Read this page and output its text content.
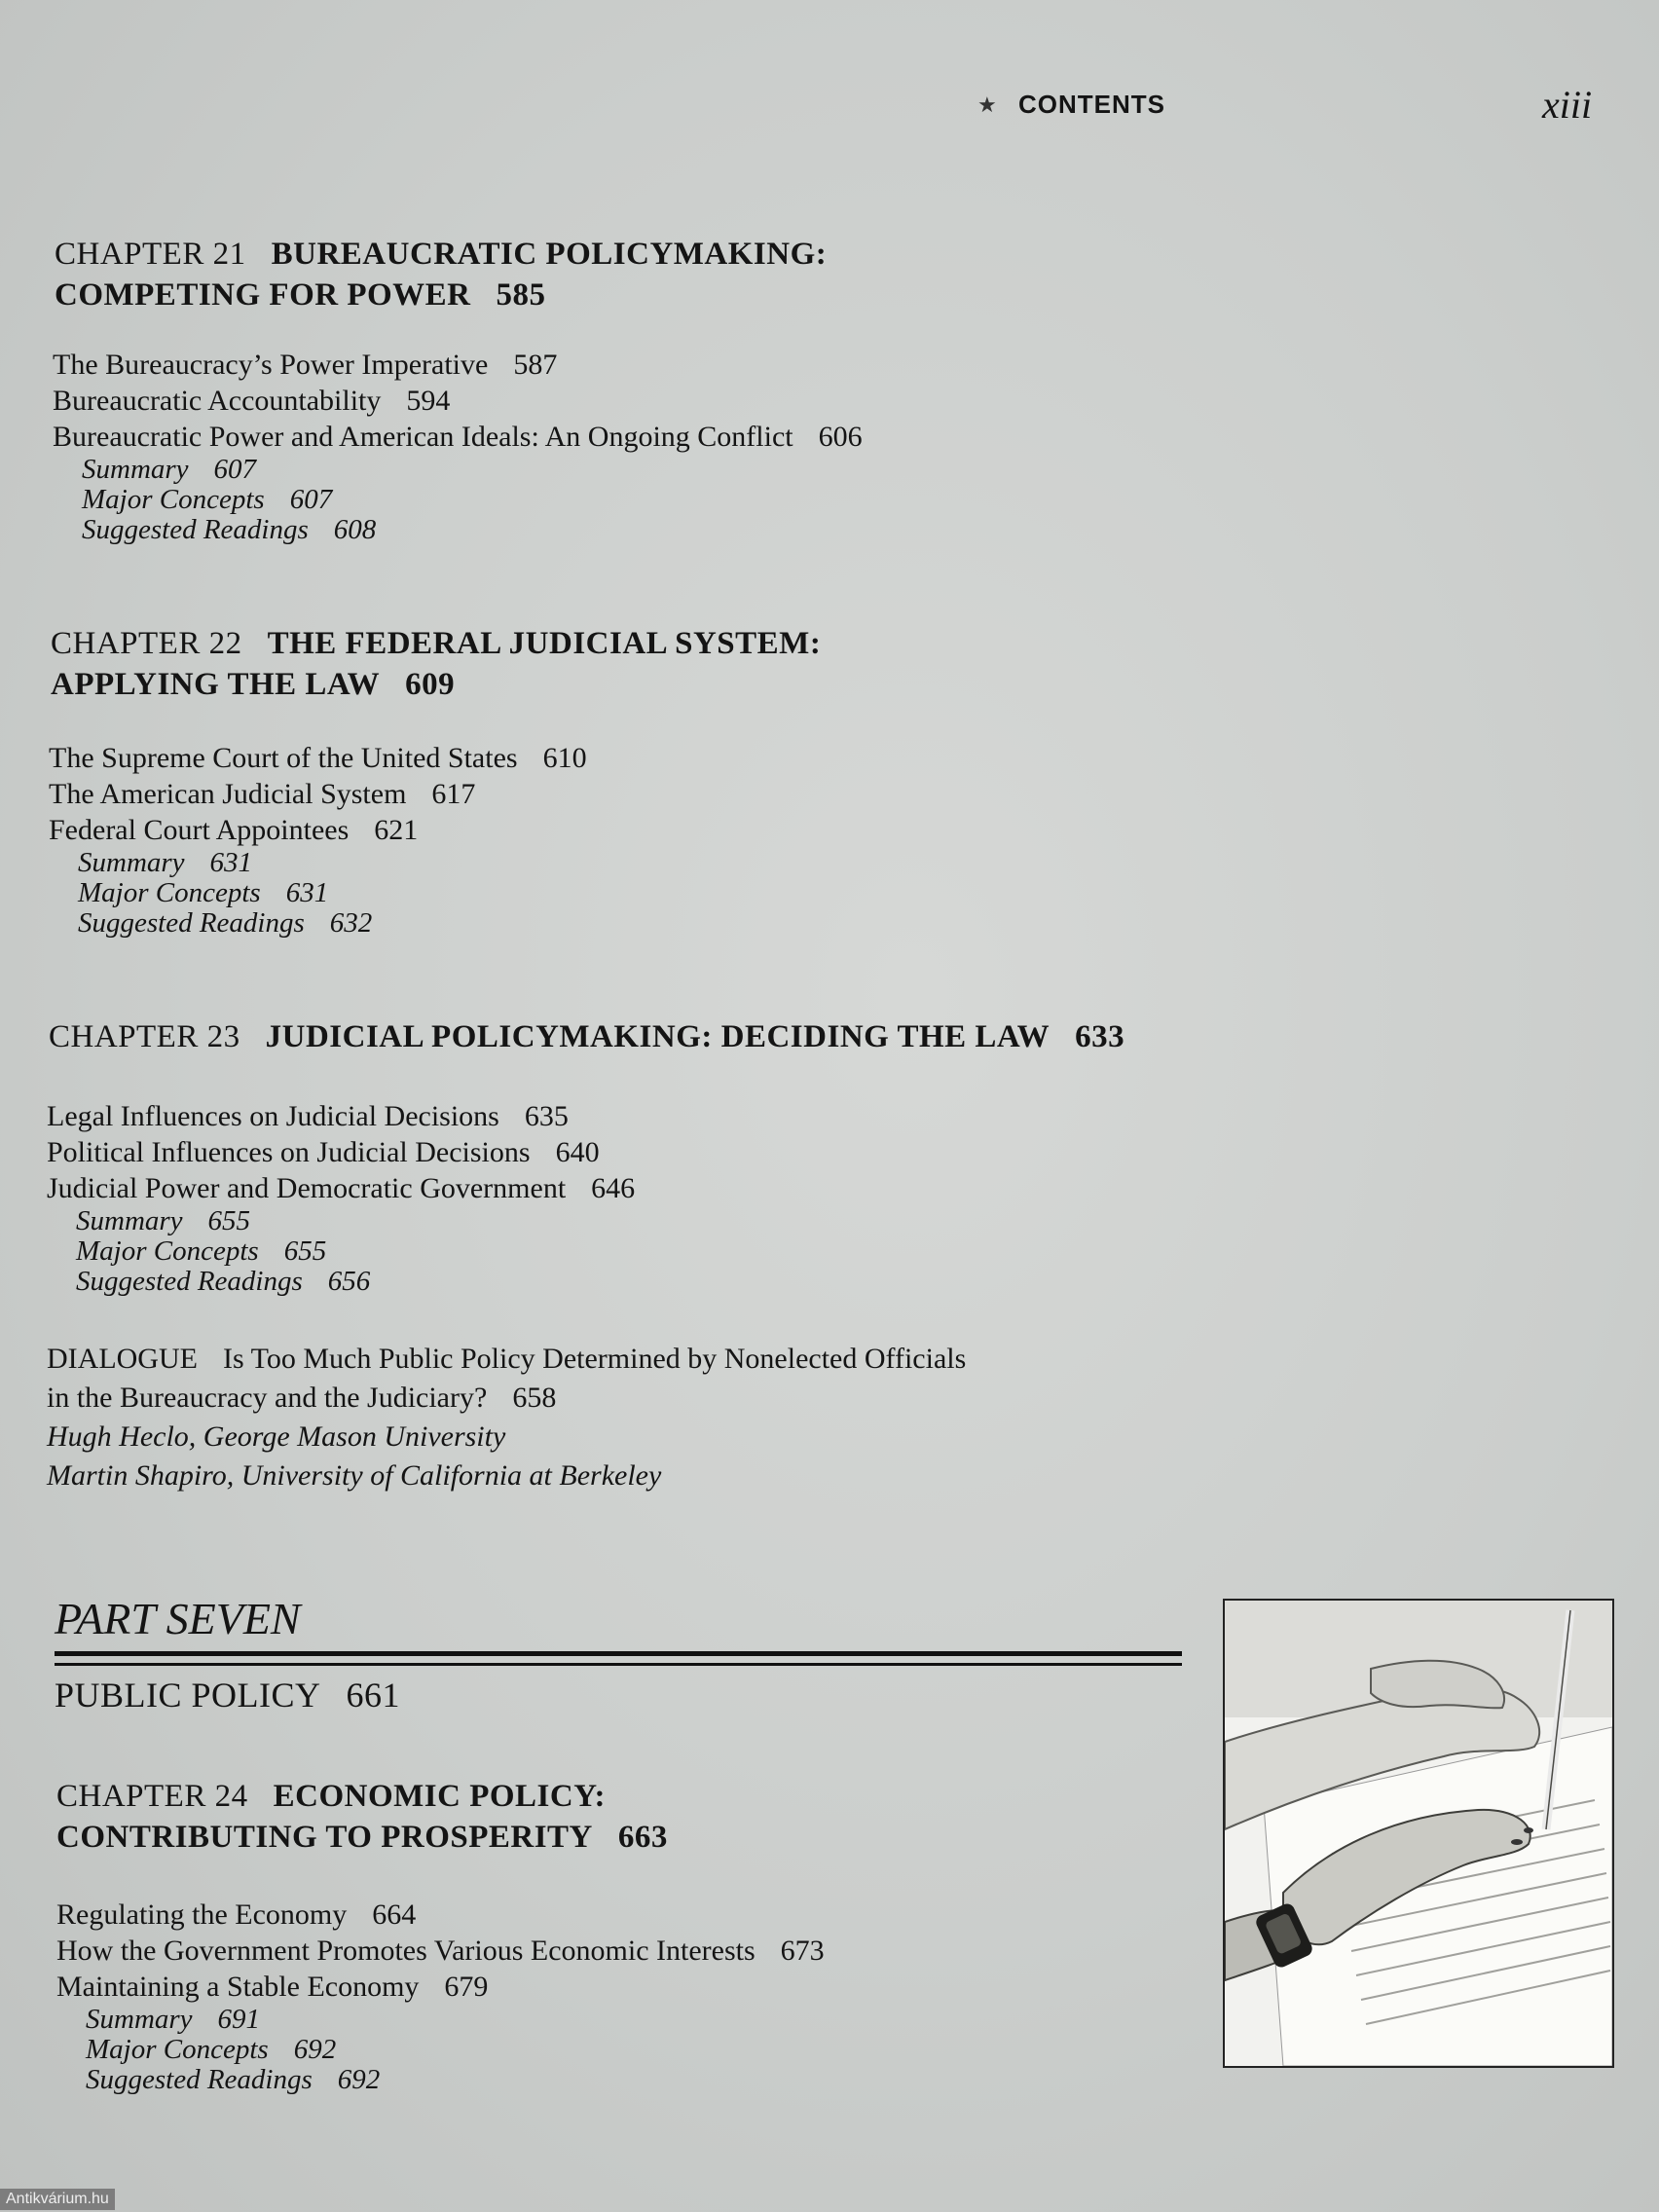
★ CONTENTS	xiii
CHAPTER 21 BUREAUCRATIC POLICYMAKING:
COMPETING FOR POWER 585
The Bureaucracy’s Power Imperative 587
Bureaucratic Accountability 594
Bureaucratic Power and American Ideals: An Ongoing Conflict 606
Summary 607
Major Concepts 607
Suggested Readings 608
CHAPTER 22 THE FEDERAL JUDICIAL SYSTEM:
APPLYING THE LAW 609
The Supreme Court of the United States 610
The American Judicial System 617
Federal Court Appointees 621
Summary 631
Major Concepts 631
Suggested Readings 632
CHAPTER 23 JUDICIAL POLICYMAKING: DECIDING THE LAW 633
Legal Influences on Judicial Decisions 635
Political Influences on Judicial Decisions 640
Judicial Power and Democratic Government 646
Summary 655
Major Concepts 655
Suggested Readings 656
DIALOGUE Is Too Much Public Policy Determined by Nonelected Officials
in the Bureaucracy and the Judiciary? 658
Hugh Heclo, George Mason University
Martin Shapiro, University of California at Berkeley
PART SEVEN
PUBLIC POLICY 661
CHAPTER 24 ECONOMIC POLICY:
CONTRIBUTING TO PROSPERITY 663
Regulating the Economy 664
How the Government Promotes Various Economic Interests 673
Maintaining a Stable Economy 679
Summary 691
Major Concepts 692
Suggested Readings 692
Antikvárium.hu
